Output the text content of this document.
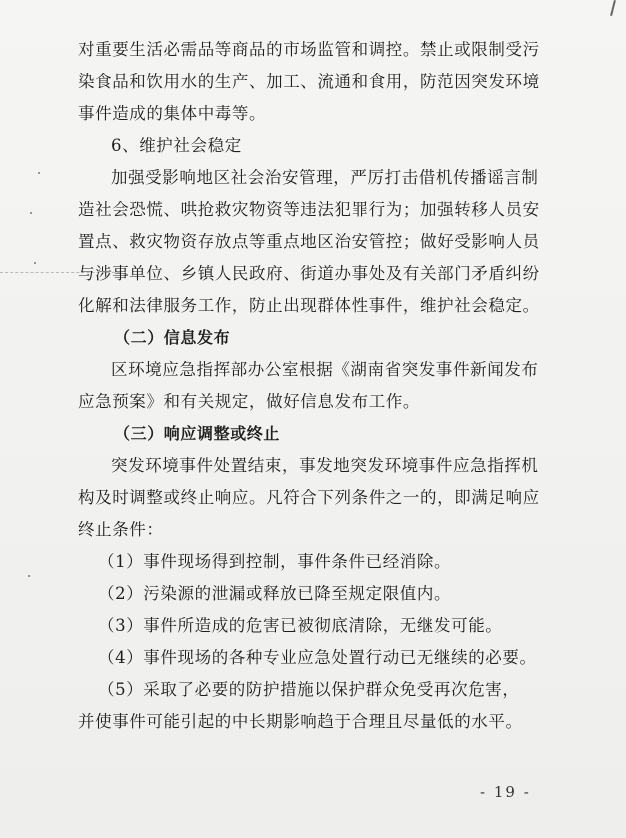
对重要生活必需品等商品的市场监管和调控。禁止或限制受污
染食品和饮用水的生产、加工、流通和食用，防范因突发环境
事件造成的集体中毒等。
6、维护社会稳定
加强受影响地区社会治安管理，严厉打击借机传播谣言制
造社会恐慌、哄抢救灾物资等违法犯罪行为；加强转移人员安
置点、救灾物资存放点等重点地区治安管控；做好受影响人员
与涉事单位、乡镇人民政府、街道办事处及有关部门矛盾纠纷
化解和法律服务工作，防止出现群体性事件，维护社会稳定。
（二）信息发布
区环境应急指挥部办公室根据《湖南省突发事件新闻发布
应急预案》和有关规定，做好信息发布工作。
（三）响应调整或终止
突发环境事件处置结束，事发地突发环境事件应急指挥机
构及时调整或终止响应。凡符合下列条件之一的，即满足响应
终止条件：
（1）事件现场得到控制，事件条件已经消除。
（2）污染源的泄漏或释放已降至规定限值内。
（3）事件所造成的危害已被彻底清除，无继发可能。
（4）事件现场的各种专业应急处置行动已无继续的必要。
（5）采取了必要的防护措施以保护群众免受再次危害，
并使事件可能引起的中长期影响趋于合理且尽量低的水平。
- 19 -
